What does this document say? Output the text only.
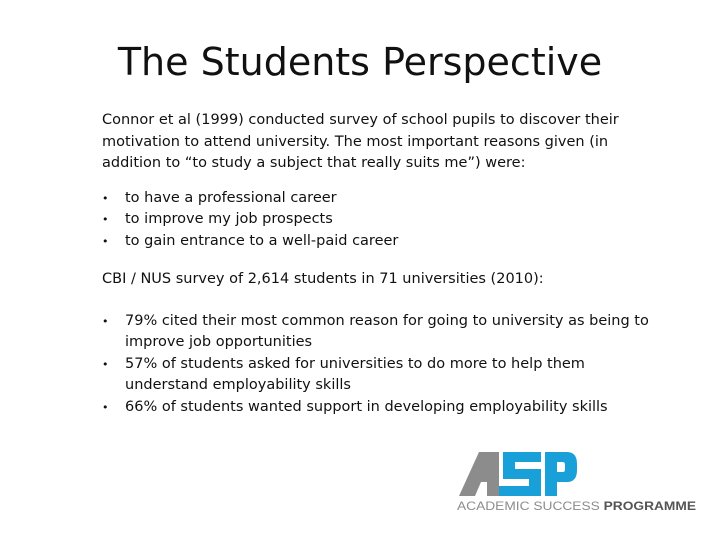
The Students Perspective

Connor et al (1999) conducted survey of school pupils to discover their motivation to attend university. The most important reasons given (in addition to “to study a subject that really suits me”) were:

•	to have a professional career
•	to improve my job prospects
•	to gain entrance to a well-paid career

CBI / NUS survey of 2,614 students in 71 universities (2010):

•	79% cited their most common reason for going to university as being to improve job opportunities
•	57% of students asked for universities to do more to help them understand employability skills
•	66% of students wanted support in developing employability skills
ACADEMIC SUCCESS PROGRAMME
